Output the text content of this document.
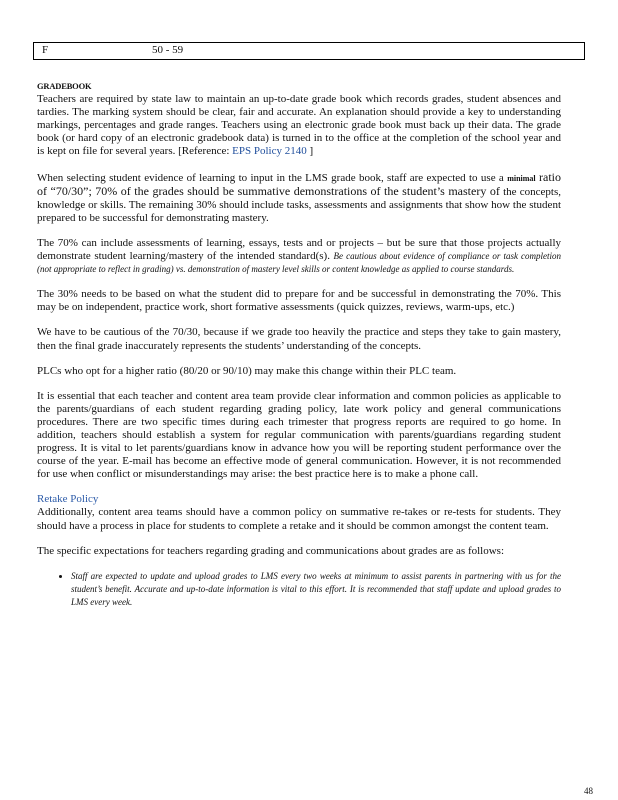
F	50 - 59

GRADEBOOK

Teachers are required by state law to maintain an up-to-date grade book which records grades, student absences and tardies. The marking system should be clear, fair and accurate. An explanation should provide a key to understanding markings, percentages and grade ranges. Teachers using an electronic grade book must back up their data. The grade book (or hard copy of an electronic gradebook data) is turned in to the office at the completion of the school year and is kept on file for several years. [Reference: EPS Policy 2140 ]

When selecting student evidence of learning to input in the LMS grade book, staff are expected to use a minimal ratio of “70/30”; 70% of the grades should be summative demonstrations of the student’s mastery of the concepts, knowledge or skills. The remaining 30% should include tasks, assessments and assignments that show how the student prepared to be successful for demonstrating mastery.

The 70% can include assessments of learning, essays, tests and or projects – but be sure that those projects actually demonstrate student learning/mastery of the intended standard(s). Be cautious about evidence of compliance or task completion (not appropriate to reflect in grading) vs. demonstration of mastery level skills or content knowledge as applied to course standards.

The 30% needs to be based on what the student did to prepare for and be successful in demonstrating the 70%. This may be on independent, practice work, short formative assessments (quick quizzes, reviews, warm-ups, etc.)

We have to be cautious of the 70/30, because if we grade too heavily the practice and steps they take to gain mastery, then the final grade inaccurately represents the students’ understanding of the concepts.

PLCs who opt for a higher ratio (80/20 or 90/10) may make this change within their PLC team.

It is essential that each teacher and content area team provide clear information and common policies as applicable to the parents/guardians of each student regarding grading policy, late work policy and general communications procedures. There are two specific times during each trimester that progress reports are required to go home. In addition, teachers should establish a system for regular communication with parents/guardians regarding student progress. It is vital to let parents/guardians know in advance how you will be reporting student performance over the course of the year. E-mail has become an effective mode of general communication. However, it is not recommended for use when conflict or misunderstandings may arise: the best practice here is to make a phone call.

Retake Policy

Additionally, content area teams should have a common policy on summative re-takes or re-tests for students. They should have a process in place for students to complete a retake and it should be common amongst the content team.

The specific expectations for teachers regarding grading and communications about grades are as follows:

• Staff are expected to update and upload grades to LMS every two weeks at minimum to assist parents in partnering with us for the student’s benefit. Accurate and up-to-date information is vital to this effort. It is recommended that staff update and upload grades to LMS every week.
48
